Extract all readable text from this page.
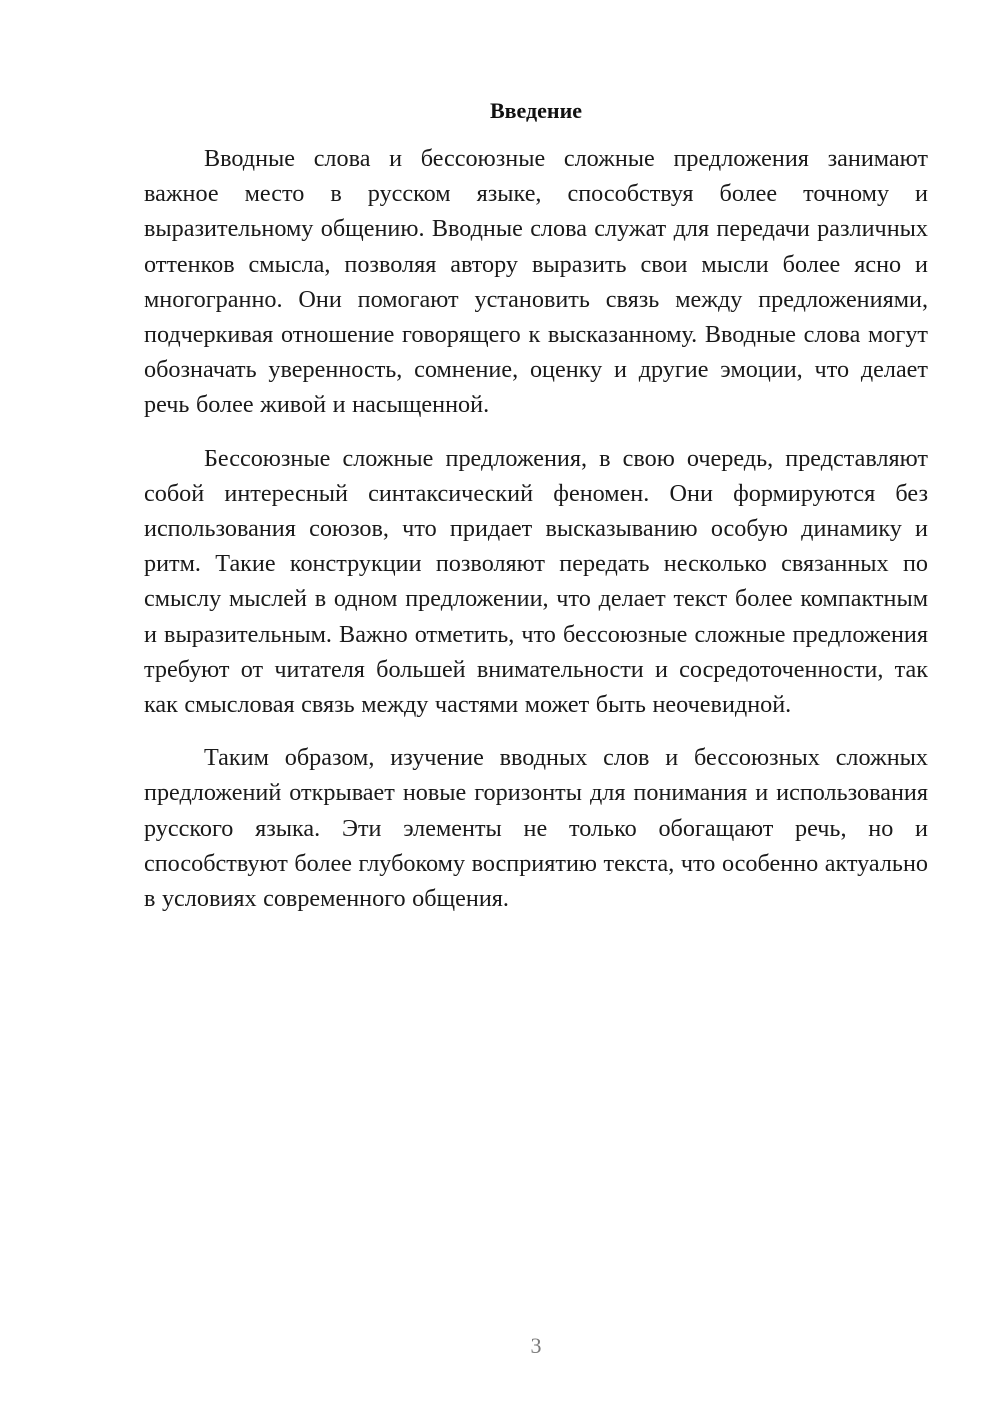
Введение

Вводные слова и бессоюзные сложные предложения занимают важное место в русском языке, способствуя более точному и выразительному общению. Вводные слова служат для передачи различных оттенков смысла, позволяя автору выразить свои мысли более ясно и многогранно. Они помогают установить связь между предложениями, подчеркивая отношение говорящего к высказанному. Вводные слова могут обозначать уверенность, сомнение, оценку и другие эмоции, что делает речь более живой и насыщенной.

Бессоюзные сложные предложения, в свою очередь, представляют собой интересный синтаксический феномен. Они формируются без использования союзов, что придает высказыванию особую динамику и ритм. Такие конструкции позволяют передать несколько связанных по смыслу мыслей в одном предложении, что делает текст более компактным и выразительным. Важно отметить, что бессоюзные сложные предложения требуют от читателя большей внимательности и сосредоточенности, так как смысловая связь между частями может быть неочевидной.

Таким образом, изучение вводных слов и бессоюзных сложных предложений открывает новые горизонты для понимания и использования русского языка. Эти элементы не только обогащают речь, но и способствуют более глубокому восприятию текста, что особенно актуально в условиях современного общения.

3
